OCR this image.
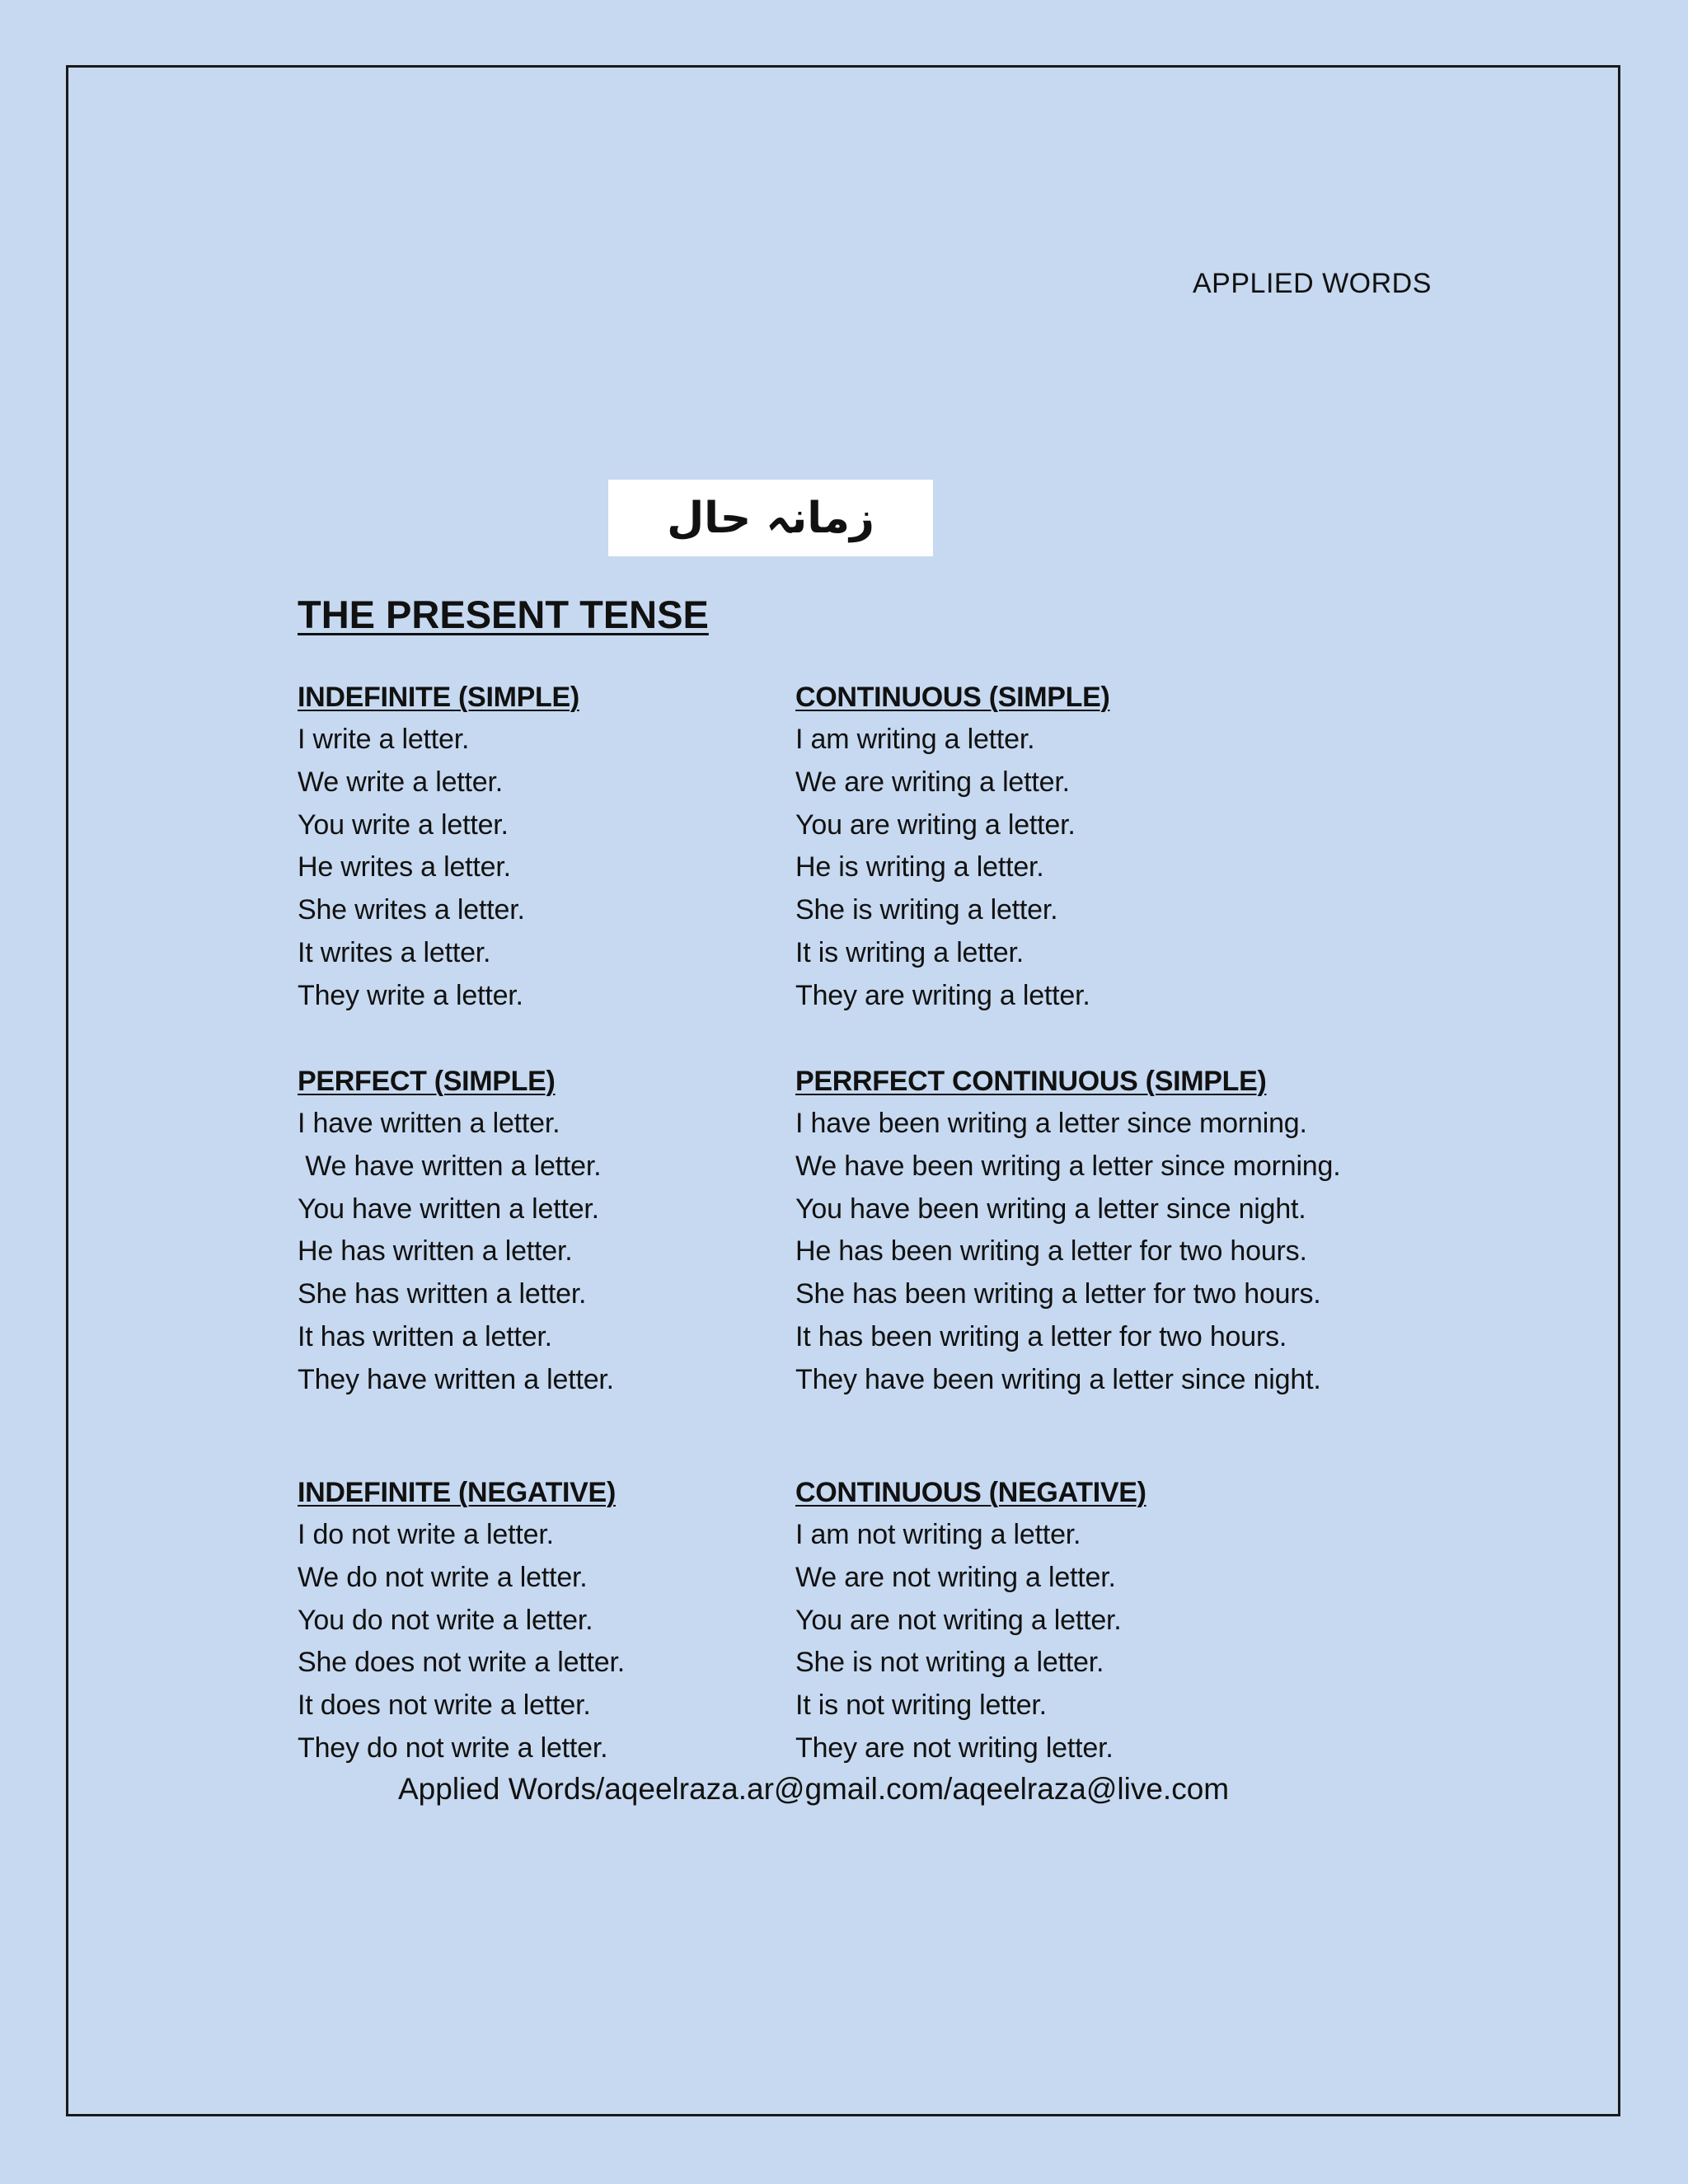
APPLIED WORDS
زمانہ حال
THE PRESENT TENSE
INDEFINITE (SIMPLE)
I write a letter.
We write a letter.
You write a letter.
He writes a letter.
She writes a letter.
It writes a letter.
They write a letter.
CONTINUOUS (SIMPLE)
I am writing a letter.
We are writing a letter.
You are writing a letter.
He is writing a letter.
She is writing a letter.
It is writing a letter.
They are writing a letter.
PERFECT (SIMPLE)
I have written a letter.
We have written a letter.
You have written a letter.
He has written a letter.
She has written a letter.
It has written a letter.
They have written a letter.
PERRFECT CONTINUOUS (SIMPLE)
I have been writing a letter since morning.
We have been writing a letter since morning.
You have been writing a letter since night.
He has been writing a letter for two hours.
She has been writing a letter for two hours.
It has been writing a letter for two hours.
They have been writing a letter since night.
INDEFINITE (NEGATIVE)
I do not write a letter.
We do not write a letter.
You do not write a letter.
She does not write a letter.
It does not write a letter.
They do not write a letter.
CONTINUOUS (NEGATIVE)
I am not writing a letter.
We are not writing a letter.
You are not writing a letter.
She is not writing a letter.
It is not writing letter.
They are not writing letter.
Applied Words/aqeelraza.ar@gmail.com/aqeelraza@live.com
